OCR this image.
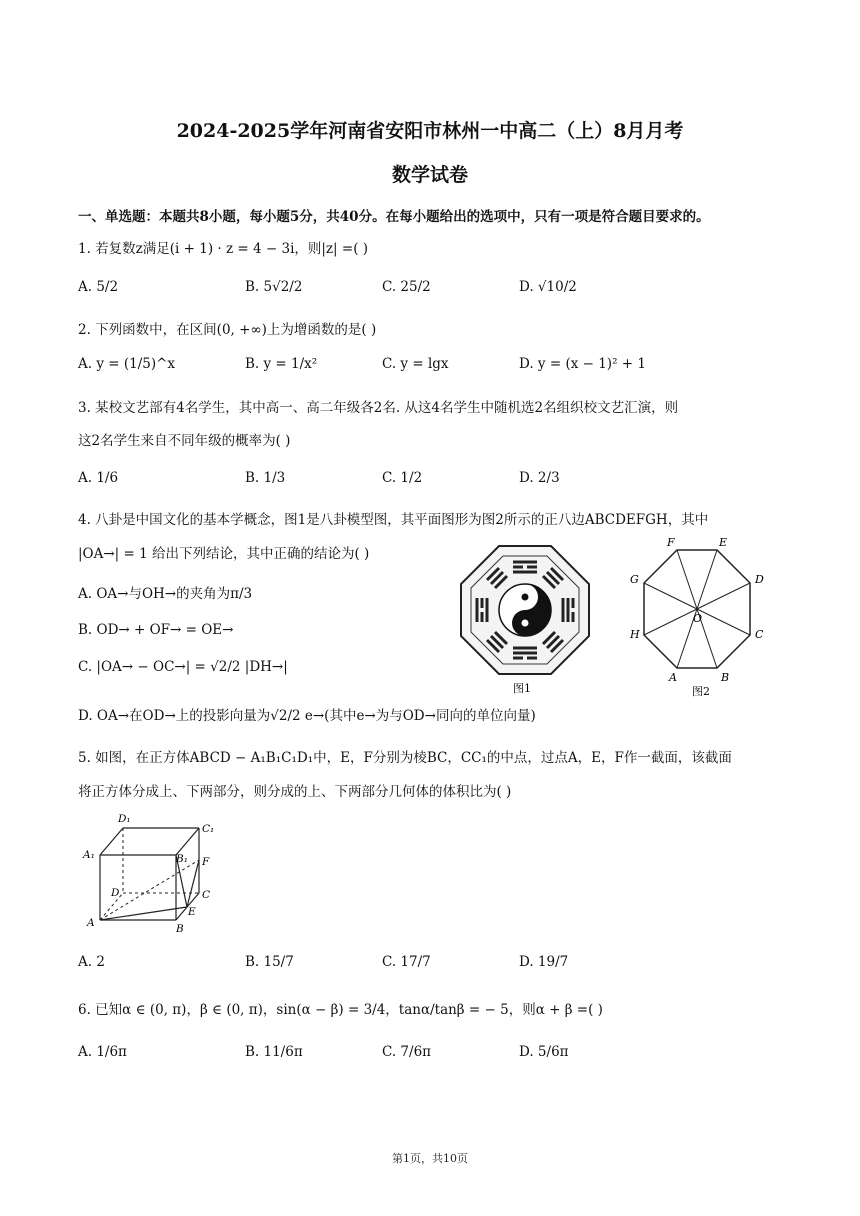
2024-2025学年河南省安阳市林州一中高二（上）8月月考
数学试卷
一、单选题：本题共8小题，每小题5分，共40分。在每小题给出的选项中，只有一项是符合题目要求的。
1. 若复数z满足(i + 1) · z = 4 − 3i，则|z| =( )
A. 5/2	B. 5√2/2	C. 25/2	D. √10/2
2. 下列函数中，在区间(0, +∞)上为增函数的是( )
A. y = (1/5)^x	B. y = 1/x²	C. y = lgx	D. y = (x − 1)² + 1
3. 某校文艺部有4名学生，其中高一、高二年级各2名. 从这4名学生中随机选2名组织校文艺汇演，则
这2名学生来自不同年级的概率为( )
A. 1/6	B. 1/3	C. 1/2	D. 2/3
4. 八卦是中国文化的基本学概念，图1是八卦模型图，其平面图形为图2所示的正八边ABCDEFGH，其中
|OA→| = 1 给出下列结论，其中正确的结论为( )
A. OA→与OH→的夹角为π/3
B. OD→ + OF→ = OE→
C. |OA→ − OC→| = √2/2 |DH→|
D. OA→在OD→上的投影向量为√2/2 e→(其中e→为与OD→同向的单位向量)
图1
A	B
C
D
E
F
G
H
O
图2
5. 如图，在正方体ABCD − A₁B₁C₁D₁中，E，F分别为棱BC，CC₁的中点，过点A，E，F作一截面，该截面
将正方体分成上、下两部分，则分成的上、下两部分几何体的体积比为( )
D₁
C₁
A₁	B₁ F
D	C
E
A	B
A. 2	B. 15/7	C. 17/7	D. 19/7
6. 已知α ∈ (0, π)，β ∈ (0, π)，sin(α − β) = 3/4，tanα/tanβ = − 5，则α + β =( )
A. 1/6π	B. 11/6π	C. 7/6π	D. 5/6π
第1页，共10页
